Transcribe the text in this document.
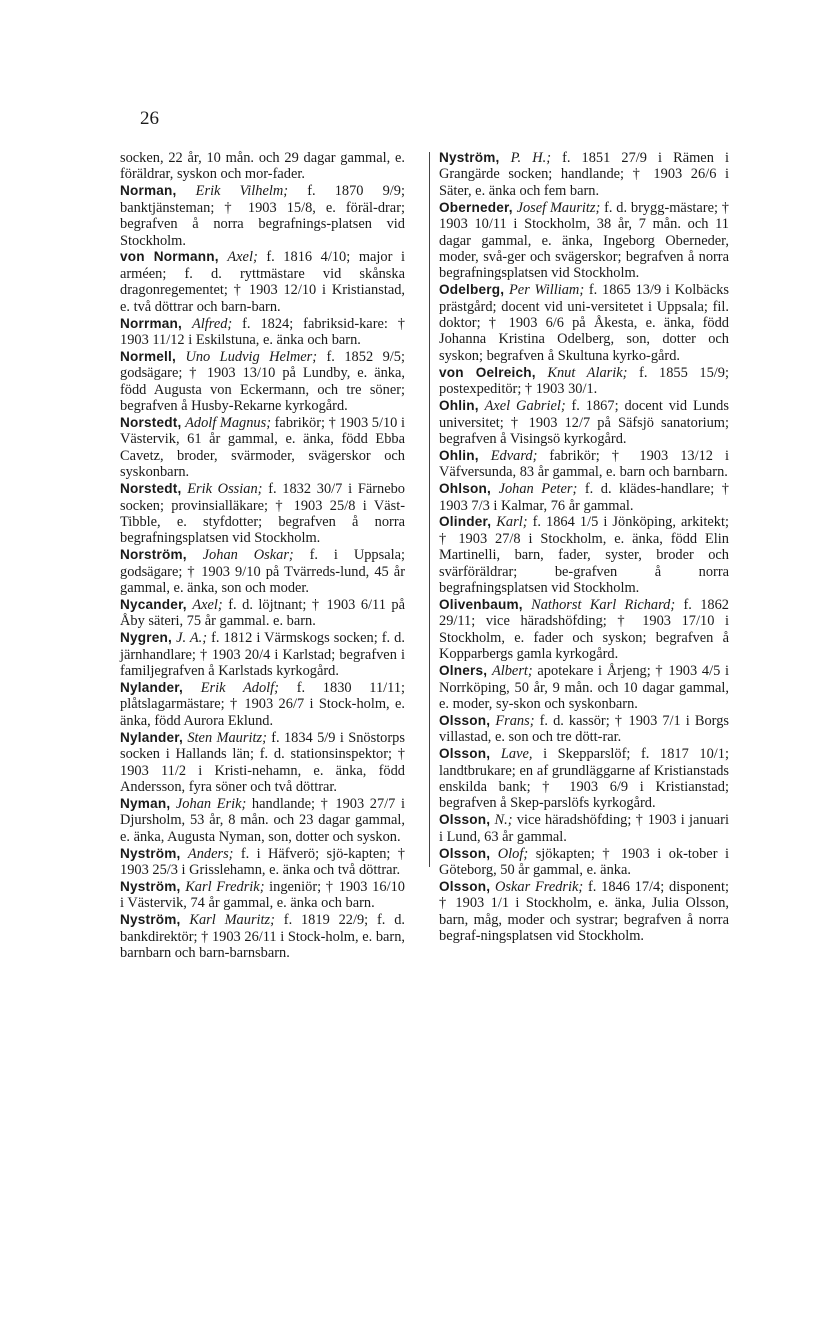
26
socken, 22 år, 10 mån. och 29 dagar gammal, e. föräldrar, syskon och mor-fader.
Norman, Erik Vilhelm; f. 1870 9/9; banktjänsteman; † 1903 15/8, e. föräl-drar; begrafven å norra begrafnings-platsen vid Stockholm.
von Normann, Axel; f. 1816 4/10; major i arméen; f. d. ryttmästare vid skånska dragonregementet; † 1903 12/10 i Kristianstad, e. två döttrar och barn-barn.
Norrman, Alfred; f. 1824; fabriksid-kare: † 1903 11/12 i Eskilstuna, e. änka och barn.
Normell, Uno Ludvig Helmer; f. 1852 9/5; godsägare; † 1903 13/10 på Lundby, e. änka, född Augusta von Eckermann, och tre söner; begrafven å Husby-Rekarne kyrkogård.
Norstedt, Adolf Magnus; fabrikör; † 1903 5/10 i Västervik, 61 år gammal, e. änka, född Ebba Cavetz, broder, svärmoder, svägerskor och syskonbarn.
Norstedt, Erik Ossian; f. 1832 30/7 i Färnebo socken; provinsialläkare; † 1903 25/8 i Väst-Tibble, e. styfdotter; begrafven å norra begrafningsplatsen vid Stockholm.
Norström, Johan Oskar; f. i Uppsala; godsägare; † 1903 9/10 på Tvärreds-lund, 45 år gammal, e. änka, son och moder.
Nycander, Axel; f. d. löjtnant; † 1903 6/11 på Åby säteri, 75 år gammal. e. barn.
Nygren, J. A.; f. 1812 i Värmskogs socken; f. d. järnhandlare; † 1903 20/4 i Karlstad; begrafven i familjegrafven å Karlstads kyrkogård.
Nylander, Erik Adolf; f. 1830 11/11; plåtslagarmästare; † 1903 26/7 i Stock-holm, e. änka, född Aurora Eklund.
Nylander, Sten Mauritz; f. 1834 5/9 i Snöstorps socken i Hallands län; f. d. stationsinspektor; † 1903 11/2 i Kristi-nehamn, e. änka, född Andersson, fyra söner och två döttrar.
Nyman, Johan Erik; handlande; † 1903 27/7 i Djursholm, 53 år, 8 mån. och 23 dagar gammal, e. änka, Augusta Nyman, son, dotter och syskon.
Nyström, Anders; f. i Häfverö; sjö-kapten; † 1903 25/3 i Grisslehamn, e. änka och två döttrar.
Nyström, Karl Fredrik; ingeniör; † 1903 16/10 i Västervik, 74 år gammal, e. änka och barn.
Nyström, Karl Mauritz; f. 1819 22/9; f. d. bankdirektör; † 1903 26/11 i Stock-holm, e. barn, barnbarn och barn-barnsbarn.
Nyström, P. H.; f. 1851 27/9 i Rämen i Grangärde socken; handlande; † 1903 26/6 i Säter, e. änka och fem barn.
Oberneder, Josef Mauritz; f. d. brygg-mästare; † 1903 10/11 i Stockholm, 38 år, 7 mån. och 11 dagar gammal, e. änka, Ingeborg Oberneder, moder, svå-ger och svägerskor; begrafven å norra begrafningsplatsen vid Stockholm.
Odelberg, Per William; f. 1865 13/9 i Kolbäcks prästgård; docent vid uni-versitetet i Uppsala; fil. doktor; † 1903 6/6 på Åkesta, e. änka, född Johanna Kristina Odelberg, son, dotter och syskon; begrafven å Skultuna kyrko-gård.
von Oelreich, Knut Alarik; f. 1855 15/9; postexpeditör; † 1903 30/1.
Ohlin, Axel Gabriel; f. 1867; docent vid Lunds universitet; † 1903 12/7 på Säfsjö sanatorium; begrafven å Visingsö kyrkogård.
Ohlin, Edvard; fabrikör; † 1903 13/12 i Väfversunda, 83 år gammal, e. barn och barnbarn.
Ohlson, Johan Peter; f. d. klädes-handlare; † 1903 7/3 i Kalmar, 76 år gammal.
Olinder, Karl; f. 1864 1/5 i Jönköping, arkitekt; † 1903 27/8 i Stockholm, e. änka, född Elin Martinelli, barn, fader, syster, broder och svärföräldrar; be-grafven å norra begrafningsplatsen vid Stockholm.
Olivenbaum, Nathorst Karl Richard; f. 1862 29/11; vice häradshöfding; † 1903 17/10 i Stockholm, e. fader och syskon; begrafven å Kopparbergs gamla kyrkogård.
Olners, Albert; apotekare i Årjeng; † 1903 4/5 i Norrköping, 50 år, 9 mån. och 10 dagar gammal, e. moder, sy-skon och syskonbarn.
Olsson, Frans; f. d. kassör; † 1903 7/1 i Borgs villastad, e. son och tre dött-rar.
Olsson, Lave, i Skepparslöf; f. 1817 10/1; landtbrukare; en af grundläggarne af Kristianstads enskilda bank; † 1903 6/9 i Kristianstad; begrafven å Skep-parslöfs kyrkogård.
Olsson, N.; vice häradshöfding; † 1903 i januari i Lund, 63 år gammal.
Olsson, Olof; sjökapten; † 1903 i ok-tober i Göteborg, 50 år gammal, e. änka.
Olsson, Oskar Fredrik; f. 1846 17/4; disponent; † 1903 1/1 i Stockholm, e. änka, Julia Olsson, barn, måg, moder och systrar; begrafven å norra begraf-ningsplatsen vid Stockholm.
